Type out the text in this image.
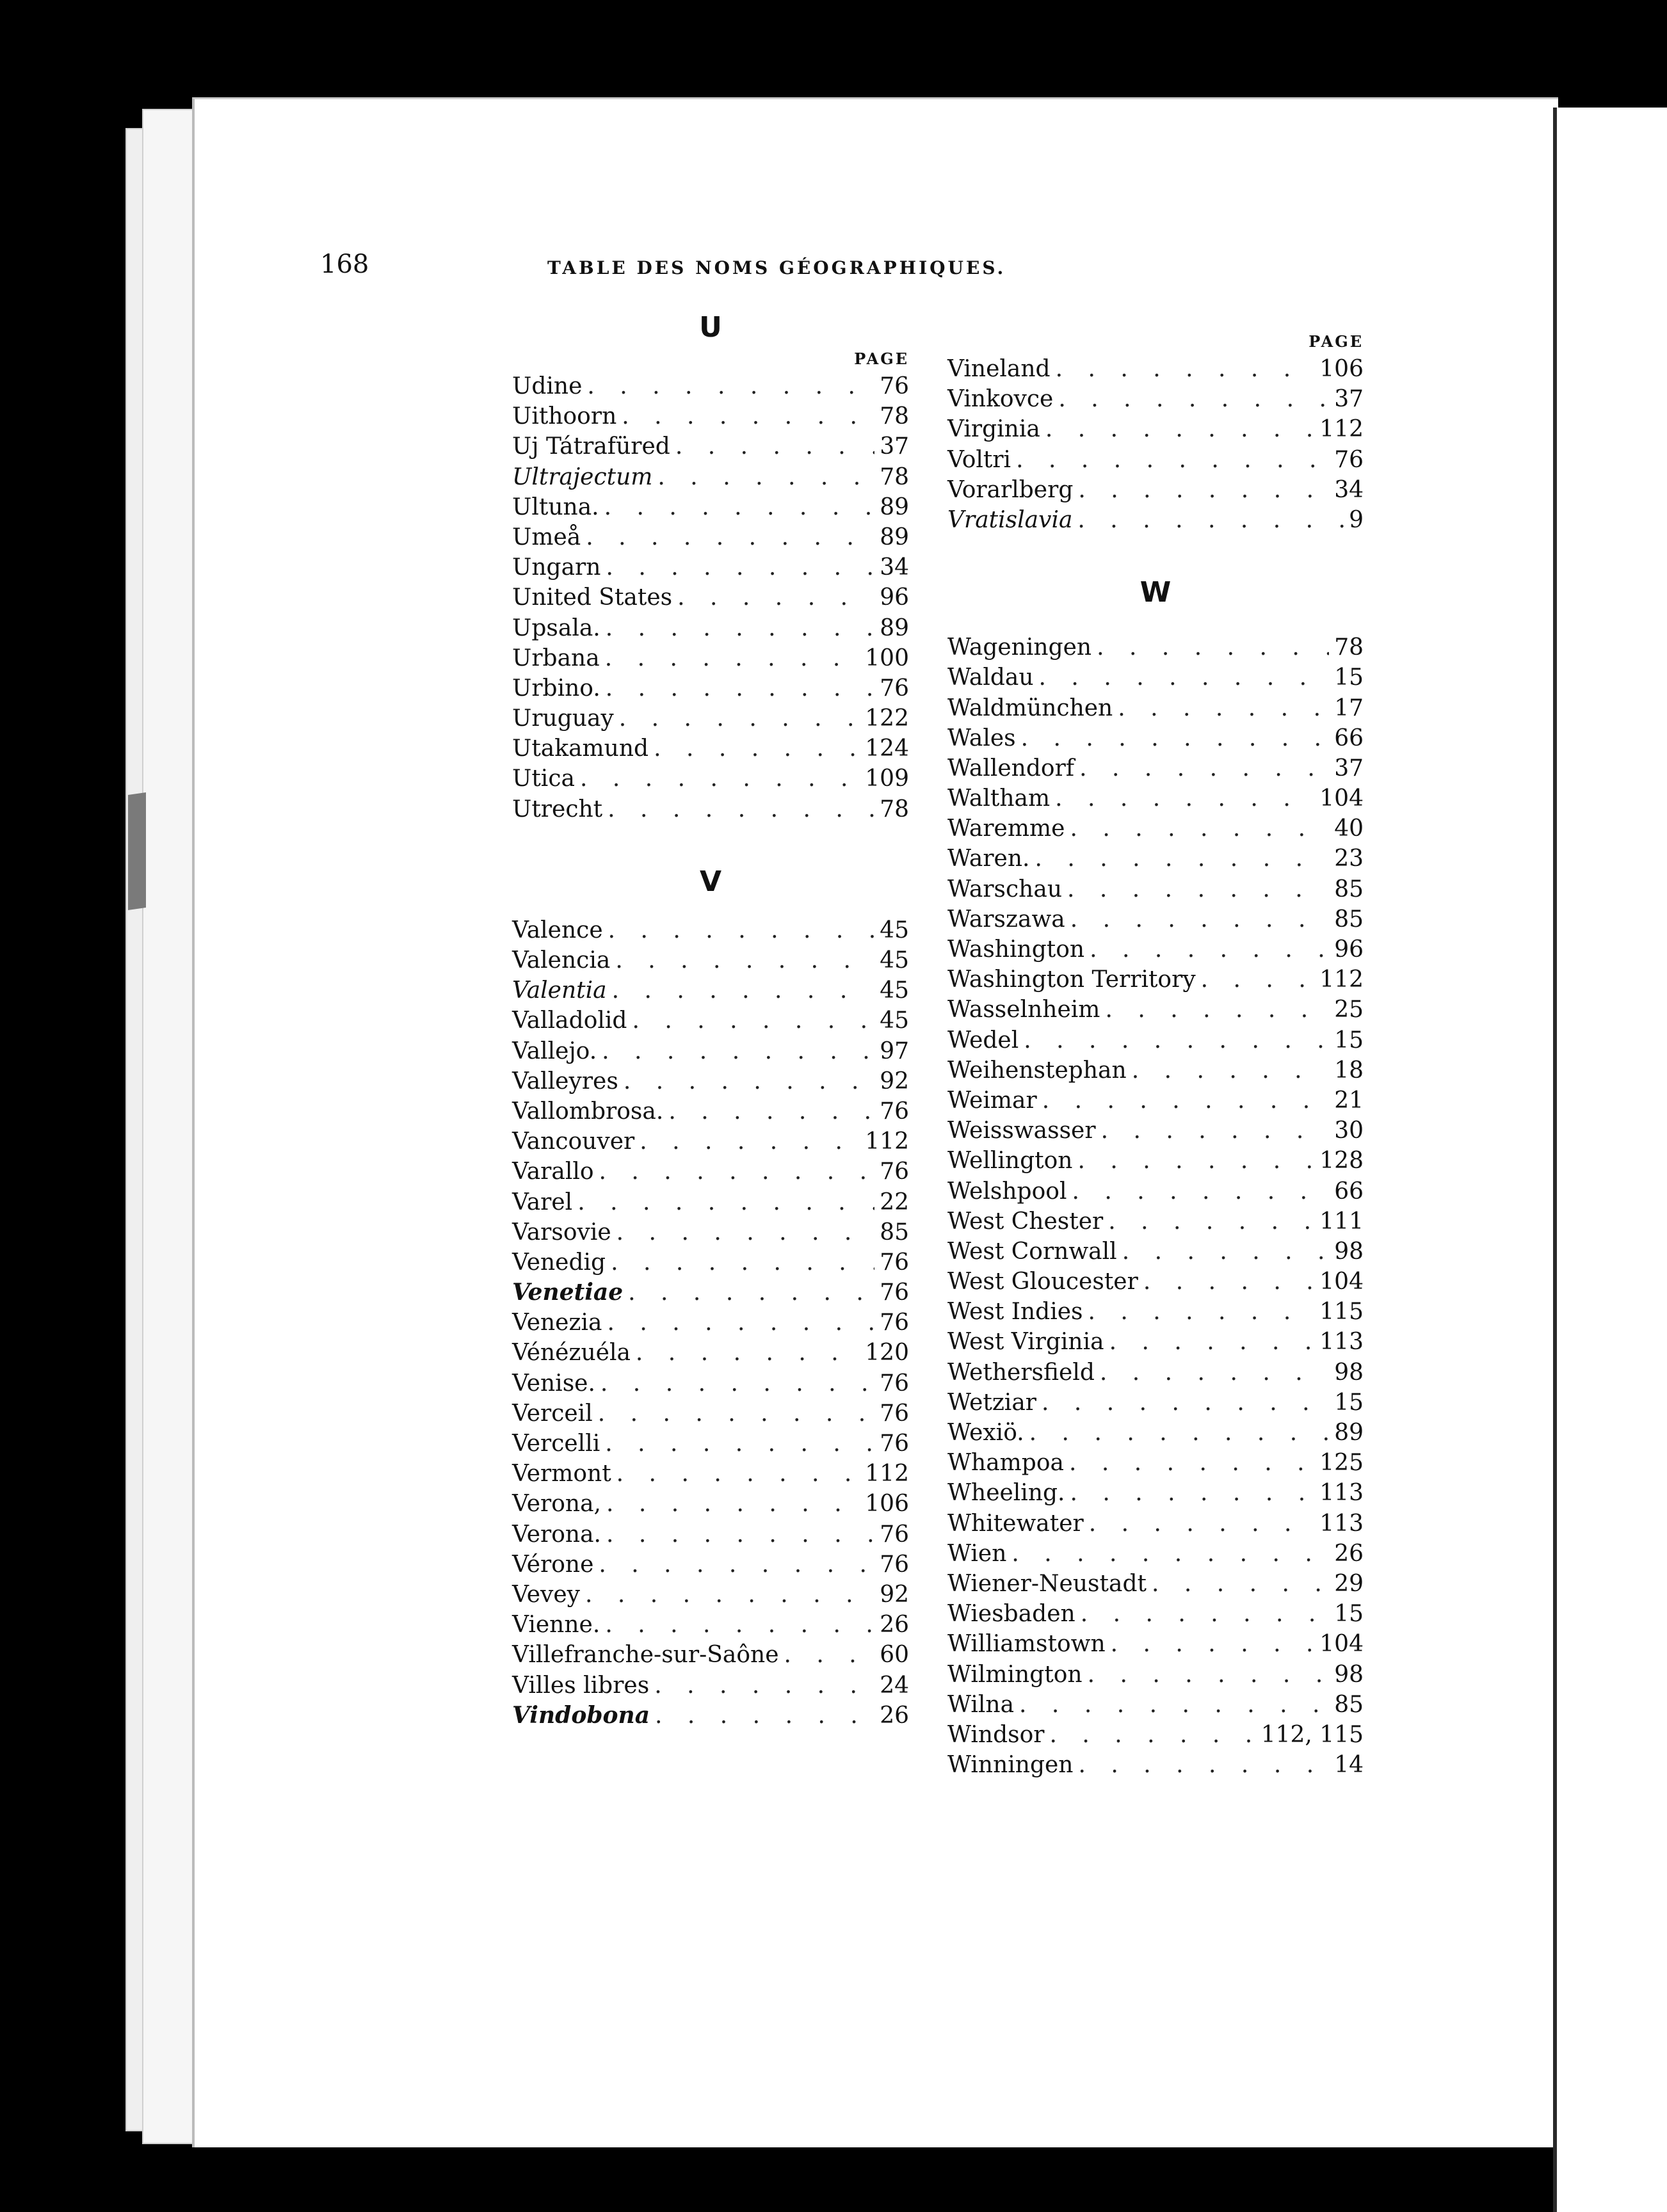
168	TABLE DES NOMS GÉOGRAPHIQUES.
U
PAGE
Udine . . .	76
Uithoorn . . .	78
Uj Tátrafüred . . .	37
Ultrajectum . . .	78
Ultuna. . . .	89
Umeå . . .	89
Ungarn . . .	34
United States . . .	96
Upsala. . . .	89
Urbana . . .	100
Urbino. . . .	76
Uruguay . . .	122
Utakamund . . .	124
Utica . . .	109
Utrecht . . .	78
V
Valence . . .	45
Valencia . . .	45
Valentia . . .	45
Valladolid . . .	45
Vallejo. . . .	97
Valleyres . . .	92
Vallombrosa. . . .	76
Vancouver . . .	112
Varallo . . .	76
Varel . . .	22
Varsovie . . .	85
Venedig . . .	76
Venetiae . . .	76
Venezia . . .	76
Vénézuéla . . .	120
Venise. . . .	76
Verceil . . .	76
Vercelli . . .	76
Vermont . . .	112
Verona, . . .	106
Verona. . . .	76
Vérone . . .	76
Vevey . . .	92
Vienne. . . .	26
Villefranche-sur-Saône . . .	60
Villes libres . . .	24
Vindobona . . .	26
PAGE
Vineland . . .	106
Vinkovce . . .	37
Virginia . . .	112
Voltri . . .	76
Vorarlberg . . .	34
Vratislavia . . .	9
W
Wageningen . . .	78
Waldau . . .	15
Waldmünchen . . .	17
Wales . . .	66
Wallendorf . . .	37
Waltham . . .	104
Waremme . . .	40
Waren. . . .	23
Warschau . . .	85
Warszawa . . .	85
Washington . . .	96
Washington Territory . . .	112
Wasselnheim . . .	25
Wedel . . .	15
Weihenstephan . . .	18
Weimar . . .	21
Weisswasser . . .	30
Wellington . . .	128
Welshpool . . .	66
West Chester . . .	111
West Cornwall . . .	98
West Gloucester . . .	104
West Indies . . .	115
West Virginia . . .	113
Wethersfield . . .	98
Wetziar . . .	15
Wexiö. . . .	89
Whampoa . . .	125
Wheeling. . . .	113
Whitewater . . .	113
Wien . . .	26
Wiener-Neustadt . . .	29
Wiesbaden . . .	15
Williamstown . . .	104
Wilmington . . .	98
Wilna . . .	85
Windsor . . .	112, 115
Winningen . . .	14
